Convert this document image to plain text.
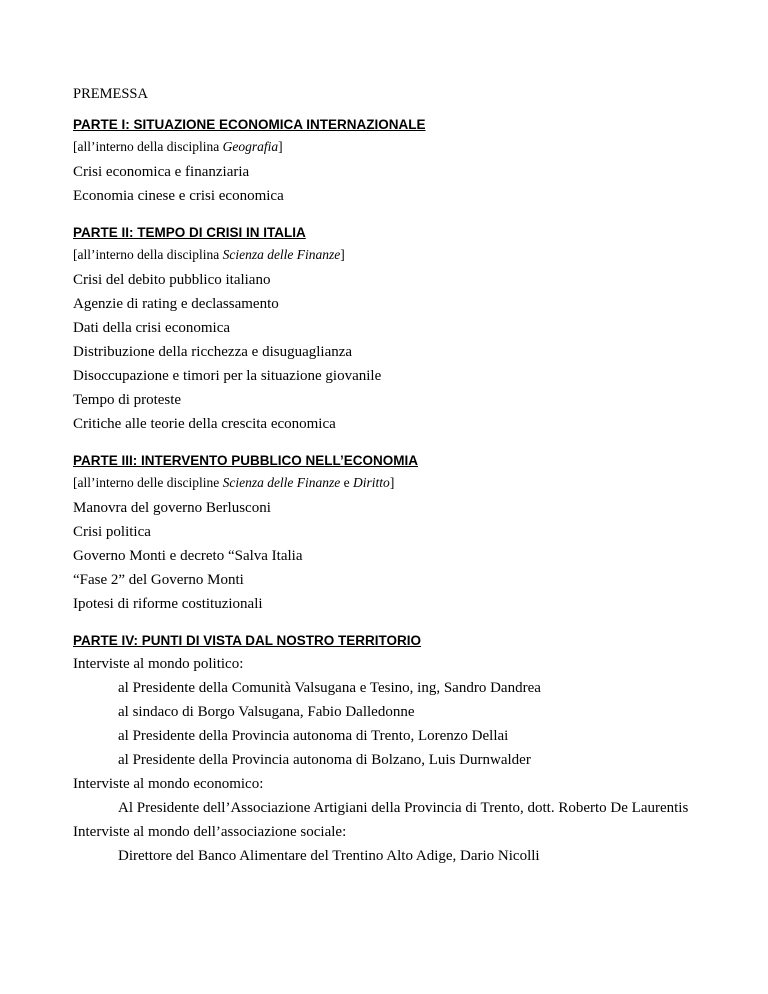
PREMESSA
PARTE I: SITUAZIONE ECONOMICA INTERNAZIONALE
[all’interno della disciplina Geografia]
Crisi economica e finanziaria
Economia cinese e crisi economica
PARTE II: TEMPO DI CRISI IN ITALIA
[all’interno della disciplina Scienza delle Finanze]
Crisi del debito pubblico italiano
Agenzie di rating e declassamento
Dati della crisi economica
Distribuzione della ricchezza e disuguaglianza
Disoccupazione e timori per la situazione giovanile
Tempo di proteste
Critiche alle teorie della crescita economica
PARTE III: INTERVENTO PUBBLICO NELL’ECONOMIA
[all’interno delle discipline Scienza delle Finanze e Diritto]
Manovra del governo Berlusconi
Crisi politica
Governo Monti e decreto “Salva Italia
“Fase 2” del Governo Monti
Ipotesi di riforme costituzionali
PARTE IV: PUNTI DI VISTA DAL NOSTRO TERRITORIO
Interviste al mondo politico:
al Presidente della Comunità Valsugana e Tesino, ing, Sandro Dandrea
al sindaco di Borgo Valsugana, Fabio Dalledonne
al Presidente della Provincia autonoma di Trento, Lorenzo Dellai
al Presidente della Provincia autonoma di Bolzano, Luis Durnwalder
Interviste al mondo economico:
Al Presidente dell’Associazione Artigiani della Provincia di Trento, dott. Roberto De Laurentis
Interviste al mondo dell’associazione sociale:
Direttore del Banco Alimentare del Trentino Alto Adige, Dario Nicolli
